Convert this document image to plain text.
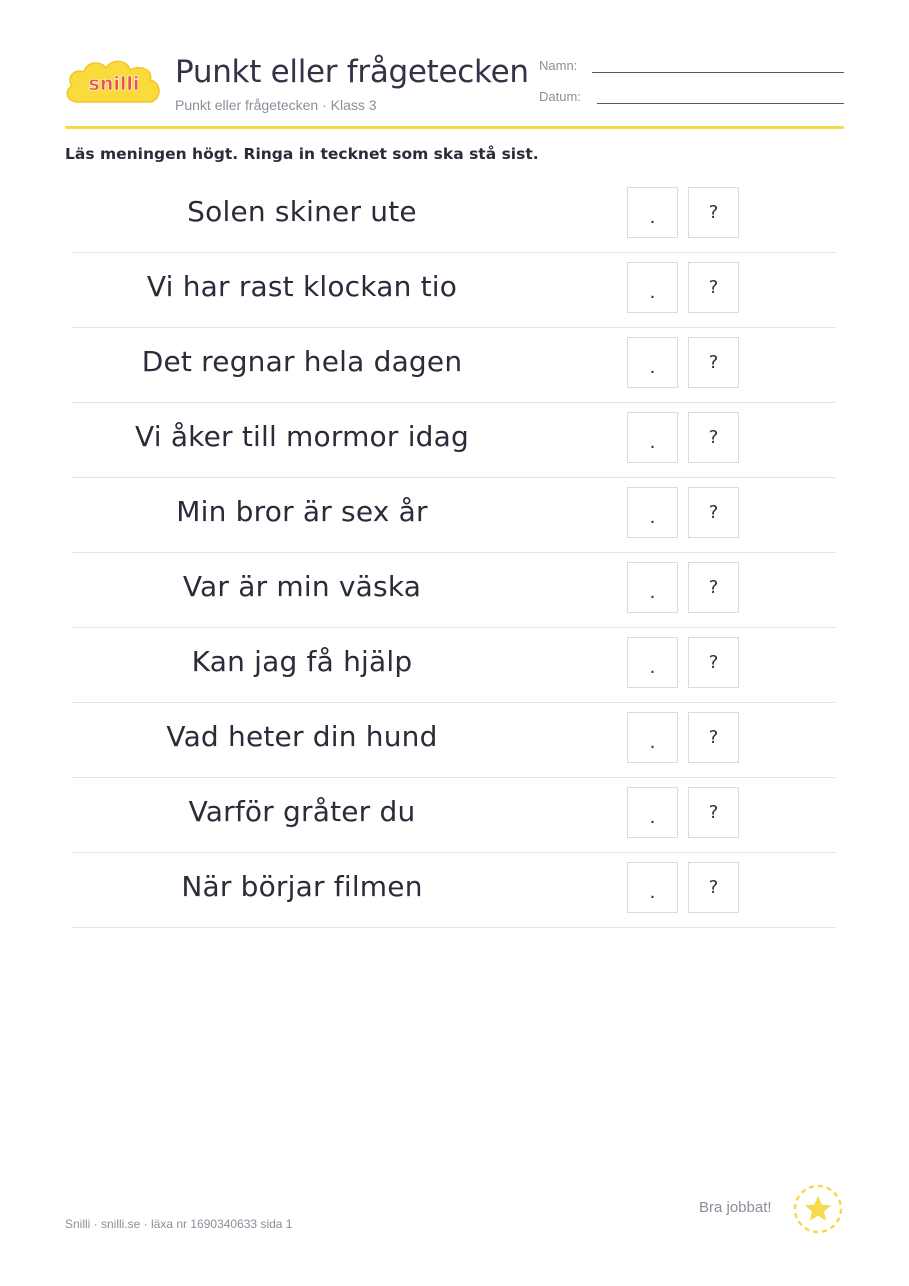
snilli Punkt eller frågetecken
Punkt eller frågetecken · Klass 3
Namn:
Datum:
Läs meningen högt. Ringa in tecknet som ska stå sist.
Solen skiner ute	.	?
Vi har rast klockan tio	.	?
Det regnar hela dagen	.	?
Vi åker till mormor idag	.	?
Min bror är sex år	.	?
Var är min väska	.	?
Kan jag få hjälp	.	?
Vad heter din hund	.	?
Varför gråter du	.	?
När börjar filmen	.	?
Snilli · snilli.se · läxa nr 1690340633 sida 1
Bra jobbat!
